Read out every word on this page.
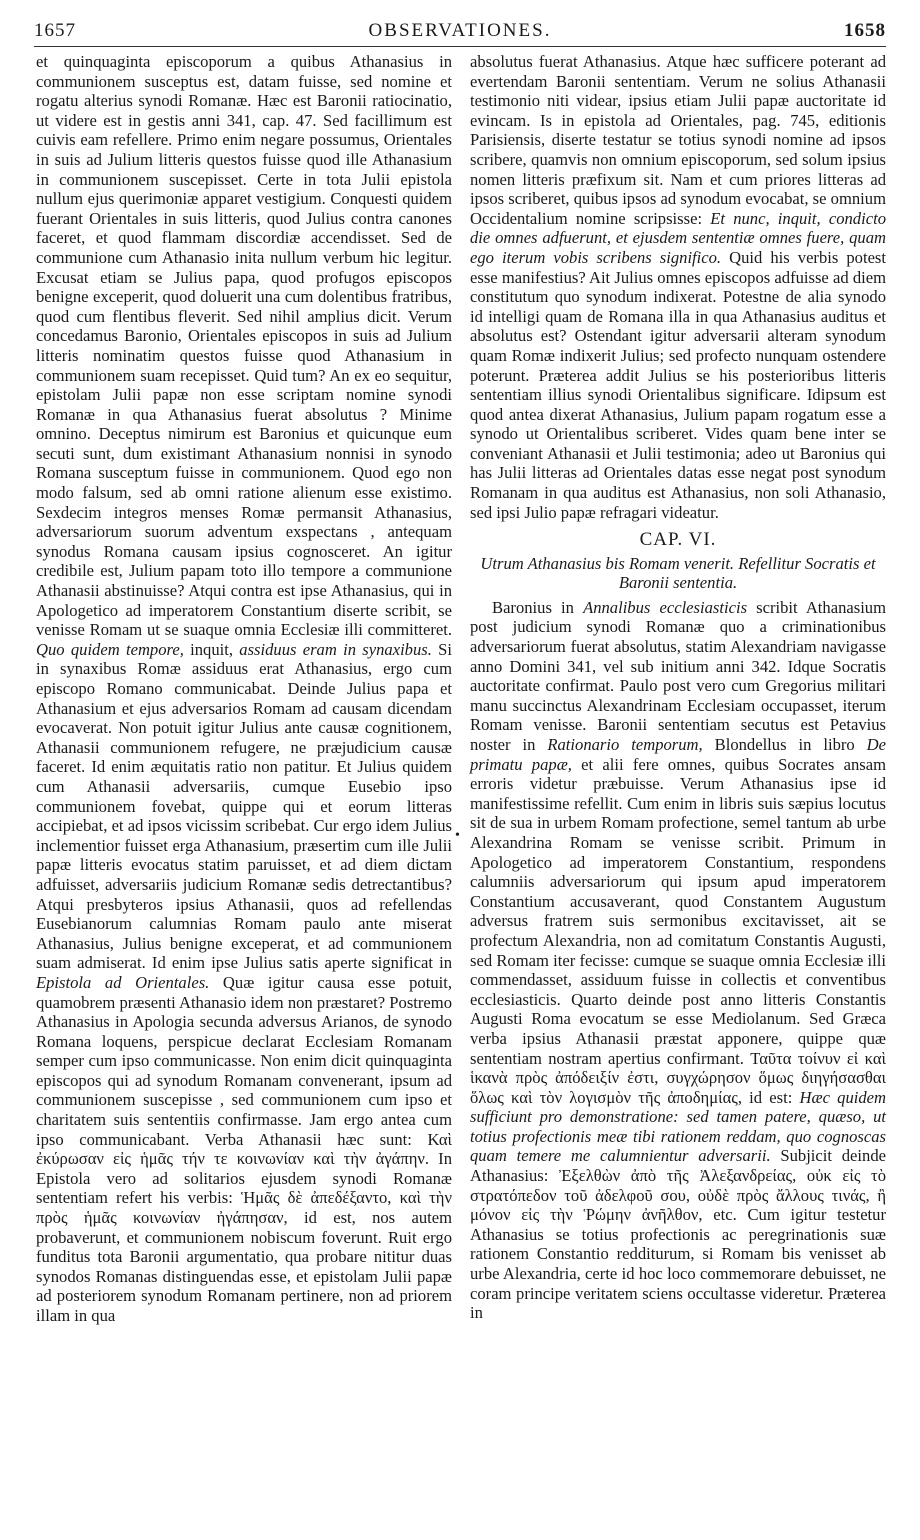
1657	OBSERVATIONES.	1658

et quinquaginta episcoporum a quibus Athanasius in communionem susceptus est, datam fuisse, sed nomine et rogatu alterius synodi Romanæ. Hæc est Baronii ratiocinatio, ut videre est in gestis anni 341, cap. 47. Sed facillimum est cuivis eam refellere. Primo enim negare possumus, Orientales in suis ad Julium litteris questos fuisse quod ille Athanasium in communionem suscepisset. Certe in tota Julii epistola nullum ejus querimoniæ apparet vestigium. Conquesti quidem fuerant Orientales in suis litteris, quod Julius contra canones faceret, et quod flammam discordiæ accendisset. Sed de communione cum Athanasio inita nullum verbum hic legitur. Excusat etiam se Julius papa, quod profugos episcopos benigne exceperit, quod doluerit una cum dolentibus fratribus, quod cum flentibus fleverit. Sed nihil amplius dicit. Verum concedamus Baronio, Orientales episcopos in suis ad Julium litteris nominatim questos fuisse quod Athanasium in communionem suam recepisset. Quid tum? An ex eo sequitur, epistolam Julii papæ non esse scriptam nomine synodi Romanæ in qua Athanasius fuerat absolutus ? Minime omnino. Deceptus nimirum est Baronius et quicunque eum secuti sunt, dum existimant Athanasium nonnisi in synodo Romana susceptum fuisse in communionem. Quod ego non modo falsum, sed ab omni ratione alienum esse existimo. Sexdecim integros menses Romæ permansit Athanasius, adversariorum suorum adventum exspectans , antequam synodus Romana causam ipsius cognosceret. An igitur credibile est, Julium papam toto illo tempore a communione Athanasii abstinuisse? Atqui contra est ipse Athanasius, qui in Apologetico ad imperatorem Constantium diserte scribit, se venisse Romam ut se suaque omnia Ecclesiæ illi committeret. Quo quidem tempore, inquit, assiduus eram in synaxibus. Si in synaxibus Romæ assiduus erat Athanasius, ergo cum episcopo Romano communicabat. Deinde Julius papa et Athanasium et ejus adversarios Romam ad causam dicendam evocaverat. Non potuit igitur Julius ante causæ cognitionem, Athanasii communionem refugere, ne præjudicium causæ faceret. Id enim æquitatis ratio non patitur. Et Julius quidem cum Athanasii adversariis, cumque Eusebio ipso communionem fovebat, quippe qui et eorum litteras accipiebat, et ad ipsos vicissim scribebat. Cur ergo idem Julius inclementior fuisset erga Athanasium, præsertim cum ille Julii papæ litteris evocatus statim paruisset, et ad diem dictam adfuisset, adversariis judicium Romanæ sedis detrectantibus? Atqui presbyteros ipsius Athanasii, quos ad refellendas Eusebianorum calumnias Romam paulo ante miserat Athanasius, Julius benigne exceperat, et ad communionem suam admiserat. Id enim ipse Julius satis aperte significat in Epistola ad Orientales. Quæ igitur causa esse potuit, quamobrem præsenti Athanasio idem non præstaret? Postremo Athanasius in Apologia secunda adversus Arianos, de synodo Romana loquens, perspicue declarat Ecclesiam Romanam semper cum ipso communicasse. Non enim dicit quinquaginta episcopos qui ad synodum Romanam convenerant, ipsum ad communionem suscepisse , sed communionem cum ipso et charitatem suis sententiis confirmasse. Jam ergo antea cum ipso communicabant. Verba Athanasii hæc sunt: Καὶ ἐκύρωσαν εἰς ἡμᾶς τήν τε κοινωνίαν καὶ τὴν ἀγάπην. In Epistola vero ad solitarios ejusdem synodi Romanæ sententiam refert his verbis: Ἡμᾶς δὲ ἀπεδέξαντο, καὶ τὴν πρὸς ἡμᾶς κοινωνίαν ἠγάπησαν, id est, nos autem probaverunt, et communionem nobiscum foverunt. Ruit ergo funditus tota Baronii argumentatio, qua probare nititur duas synodos Romanas distinguendas esse, et epistolam Julii papæ ad posteriorem synodum Romanam pertinere, non ad priorem illam in qua

•

absolutus fuerat Athanasius. Atque hæc sufficere poterant ad evertendam Baronii sententiam. Verum ne solius Athanasii testimonio niti videar, ipsius etiam Julii papæ auctoritate id evincam. Is in epistola ad Orientales, pag. 745, editionis Parisiensis, diserte testatur se totius synodi nomine ad ipsos scribere, quamvis non omnium episcoporum, sed solum ipsius nomen litteris præfixum sit. Nam et cum priores litteras ad ipsos scriberet, quibus ipsos ad synodum evocabat, se omnium Occidentalium nomine scripsisse: Et nunc, inquit, condicto die omnes adfuerunt, et ejusdem sententiæ omnes fuere, quam ego iterum vobis scribens significo. Quid his verbis potest esse manifestius? Ait Julius omnes episcopos adfuisse ad diem constitutum quo synodum indixerat. Potestne de alia synodo id intelligi quam de Romana illa in qua Athanasius auditus et absolutus est? Ostendant igitur adversarii alteram synodum quam Romæ indixerit Julius; sed profecto nunquam ostendere poterunt. Præterea addit Julius se his posterioribus litteris sententiam illius synodi Orientalibus significare. Idipsum est quod antea dixerat Athanasius, Julium papam rogatum esse a synodo ut Orientalibus scriberet. Vides quam bene inter se conveniant Athanasii et Julii testimonia; adeo ut Baronius qui has Julii litteras ad Orientales datas esse negat post synodum Romanam in qua auditus est Athanasius, non soli Athanasio, sed ipsi Julio papæ refragari videatur.

CAP. VI.
Utrum Athanasius bis Romam venerit. Refellitur Socratis et Baronii sententia.

Baronius in Annalibus ecclesiasticis scribit Athanasium post judicium synodi Romanæ quo a criminationibus adversariorum fuerat absolutus, statim Alexandriam navigasse anno Domini 341, vel sub initium anni 342. Idque Socratis auctoritate confirmat. Paulo post vero cum Gregorius militari manu succinctus Alexandrinam Ecclesiam occupasset, iterum Romam venisse. Baronii sententiam secutus est Petavius noster in Rationario temporum, Blondellus in libro De primatu papæ, et alii fere omnes, quibus Socrates ansam erroris videtur præbuisse. Verum Athanasius ipse id manifestissime refellit. Cum enim in libris suis sæpius locutus sit de sua in urbem Romam profectione, semel tantum ab urbe Alexandrina Romam se venisse scribit. Primum in Apologetico ad imperatorem Constantium, respondens calumniis adversariorum qui ipsum apud imperatorem Constantium accusaverant, quod Constantem Augustum adversus fratrem suis sermonibus excitavisset, ait se profectum Alexandria, non ad comitatum Constantis Augusti, sed Romam iter fecisse: cumque se suaque omnia Ecclesiæ illi commendasset, assiduum fuisse in collectis et conventibus ecclesiasticis. Quarto deinde post anno litteris Constantis Augusti Roma evocatum se esse Mediolanum. Sed Græca verba ipsius Athanasii præstat apponere, quippe quæ sententiam nostram apertius confirmant. Ταῦτα τοίνυν εἰ καὶ ἱκανὰ πρὸς ἀπόδειξίν ἐστι, συγχώρησον ὅμως διηγήσασθαι ὅλως καὶ τὸν λογισμὸν τῆς ἀποδημίας, id est: Hæc quidem sufficiunt pro demonstratione: sed tamen patere, quæso, ut totius profectionis meæ tibi rationem reddam, quo cognoscas quam temere me calumnientur adversarii. Subjicit deinde Athanasius: Ἐξελθὼν ἀπὸ τῆς Ἀλεξανδρείας, οὐκ εἰς τὸ στρατόπεδον τοῦ ἀδελφοῦ σου, οὐδὲ πρὸς ἄλλους τινάς, ἢ μόνον εἰς τὴν Ῥώμην ἀνῆλθον, etc. Cum igitur testetur Athanasius se totius profectionis ac peregrinationis suæ rationem Constantio redditurum, si Romam bis venisset ab urbe Alexandria, certe id hoc loco commemorare debuisset, ne coram principe veritatem sciens occultasse videretur. Præterea in
